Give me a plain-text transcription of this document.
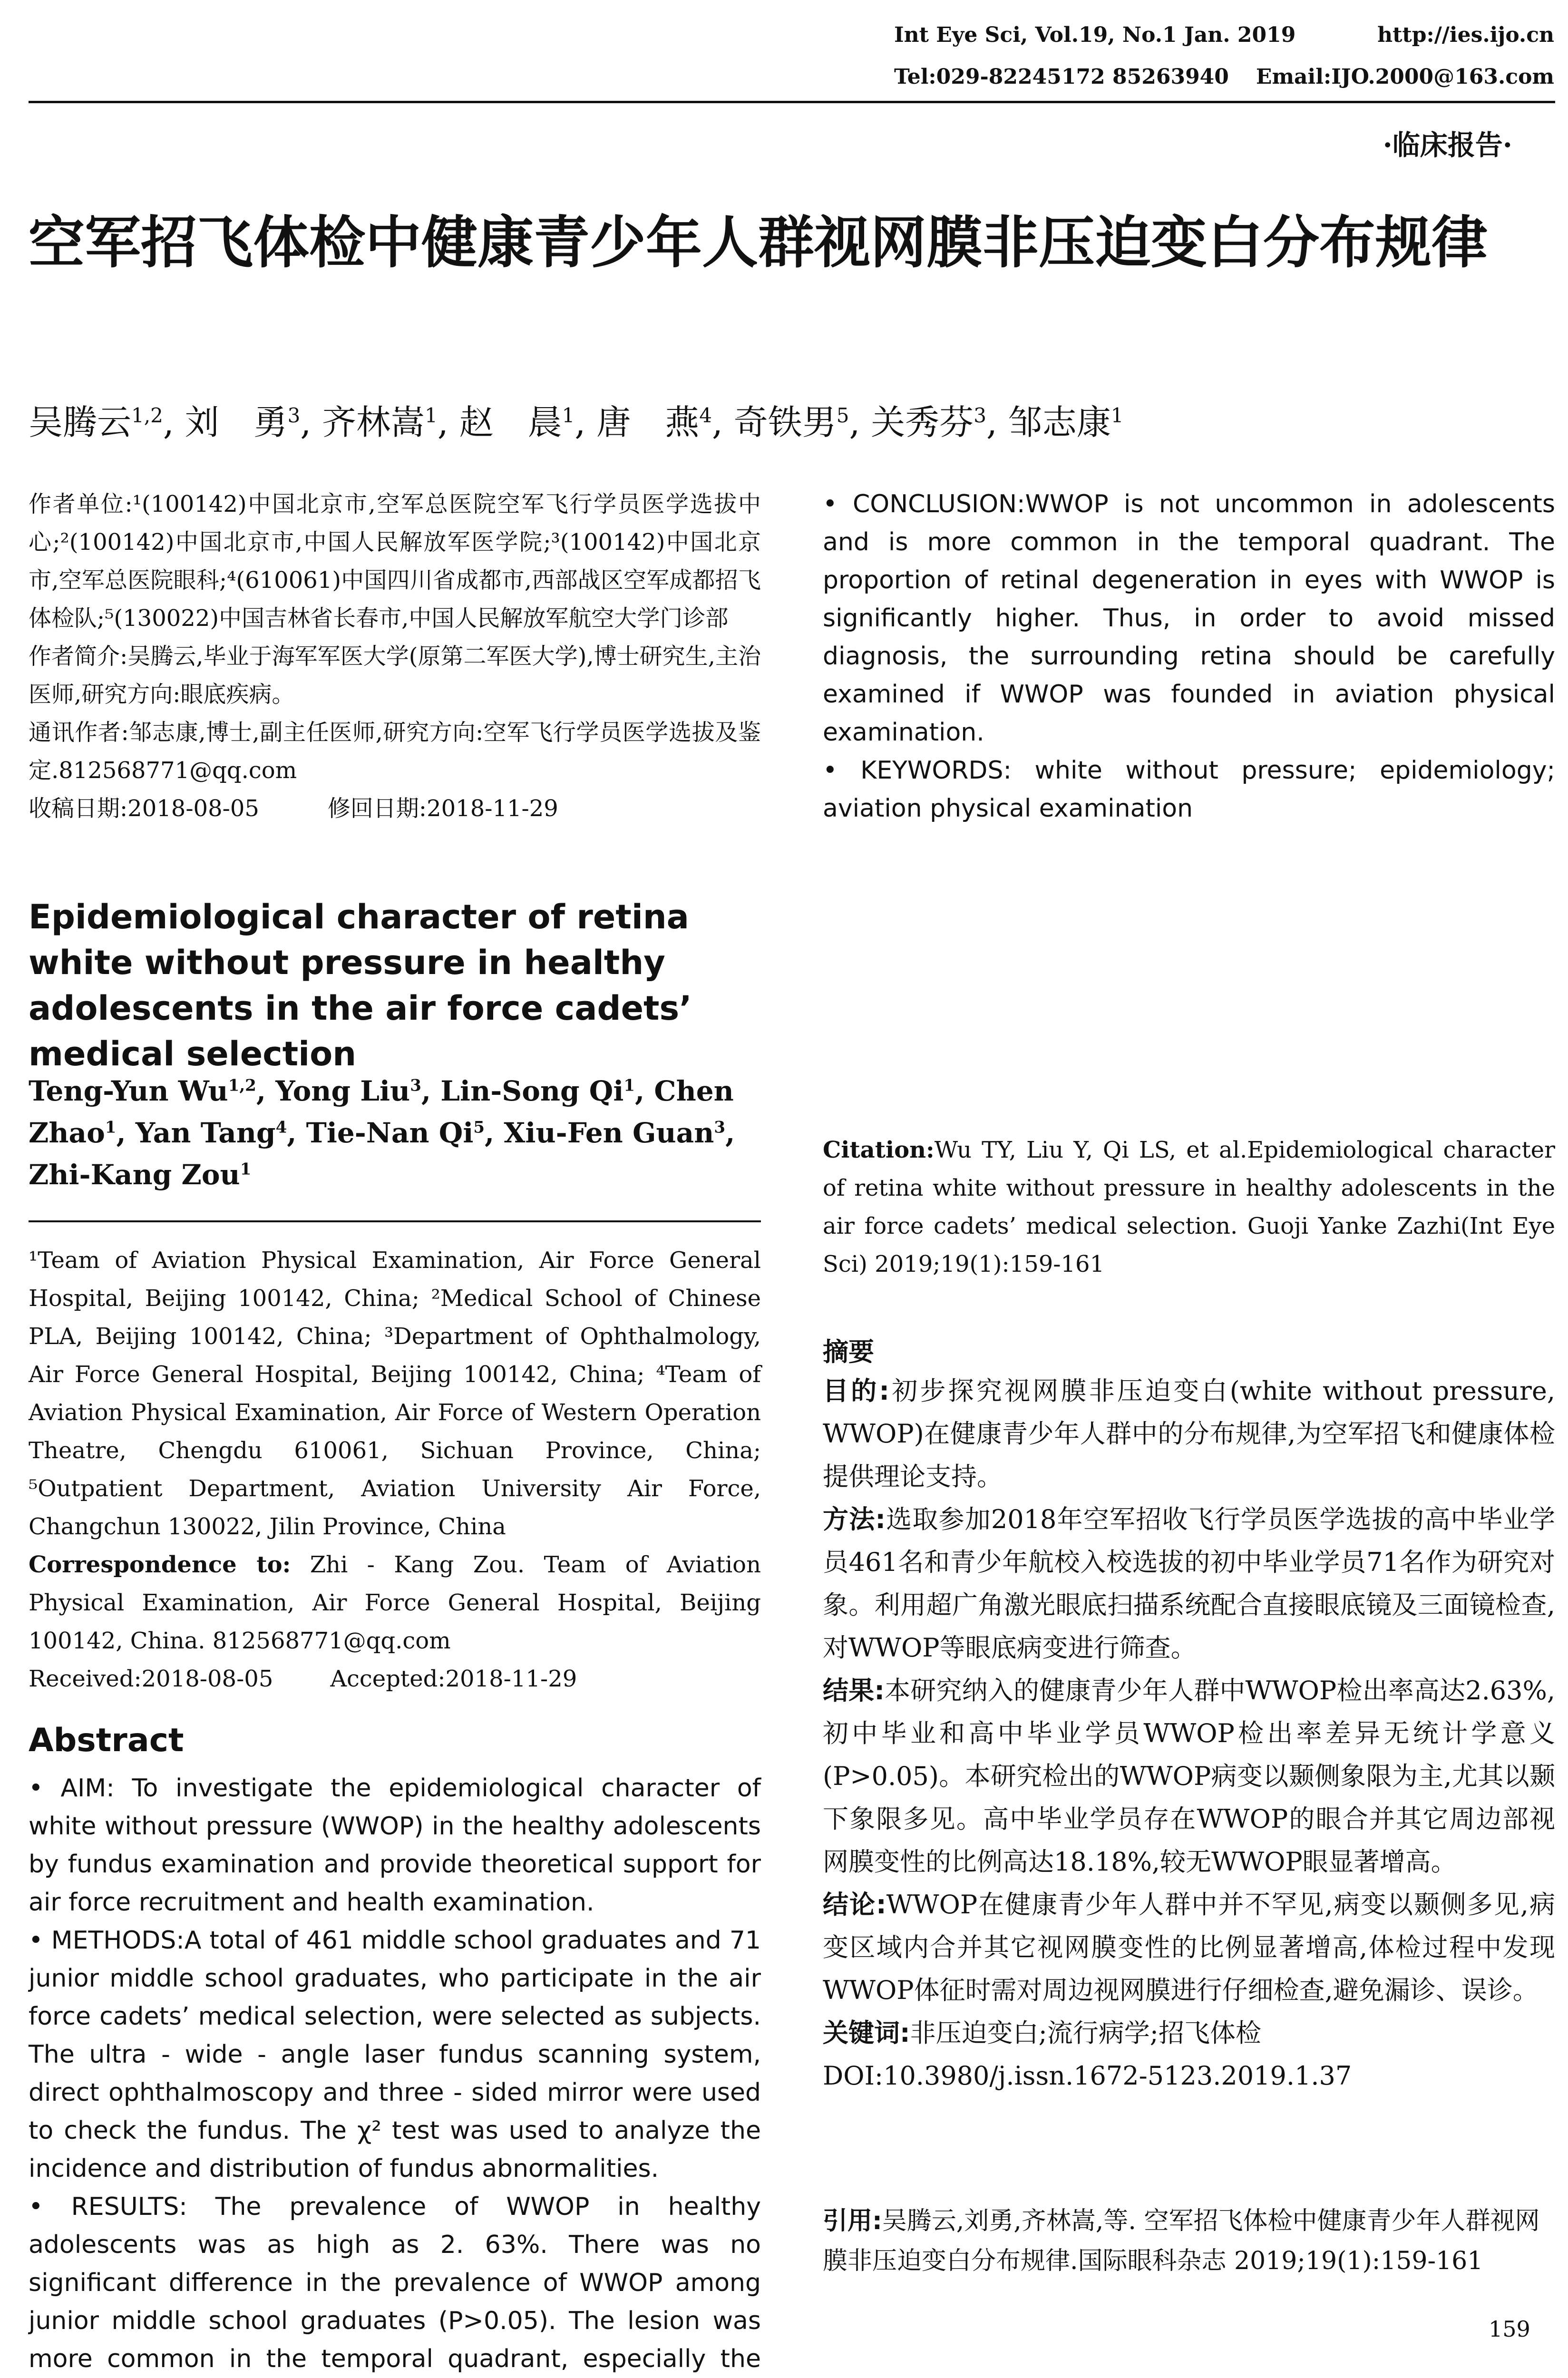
Int Eye Sci, Vol.19, No.1 Jan. 2019	http://ies.ijo.cn
Tel:029-82245172 85263940 Email:IJO.2000@163.com
·临床报告·
空军招飞体检中健康青少年人群视网膜非压迫变白分布规律
吴腾云$^{1,2}$, 刘　勇$^3$, 齐林嵩$^1$, 赵　晨$^1$, 唐　燕$^4$, 奇铁男$^5$, 关秀芬$^3$, 邹志康$^1$

作者单位:¹(100142)中国北京市,空军总医院空军飞行学员医学选拔中心;²(100142)中国北京市,中国人民解放军医学院;³(100142)中国北京市,空军总医院眼科;⁴(610061)中国四川省成都市,西部战区空军成都招飞体检队;⁵(130022)中国吉林省长春市,中国人民解放军航空大学门诊部

作者简介:吴腾云,毕业于海军军医大学(原第二军医大学),博士研究生,主治医师,研究方向:眼底疾病。

通讯作者:邹志康,博士,副主任医师,研究方向:空军飞行学员医学选拔及鉴定.812568771@qq.com

收稿日期:2018-08-05　　　修回日期:2018-11-29

Epidemiological character of retina white without pressure in healthy adolescents in the air force cadets’ medical selection
Teng-Yun Wu$^{1,2}$, Yong Liu$^3$, Lin-Song Qi$^1$, Chen Zhao$^1$, Yan Tang$^4$, Tie-Nan Qi$^5$, Xiu-Fen Guan$^3$, Zhi-Kang Zou$^1$

¹Team of Aviation Physical Examination, Air Force General Hospital, Beijing 100142, China; ²Medical School of Chinese PLA, Beijing 100142, China; ³Department of Ophthalmology, Air Force General Hospital, Beijing 100142, China; ⁴Team of Aviation Physical Examination, Air Force of Western Operation Theatre, Chengdu 610061, Sichuan Province, China; ⁵Outpatient Department, Aviation University Air Force, Changchun 130022, Jilin Province, China

Correspondence to: Zhi - Kang Zou. Team of Aviation Physical Examination, Air Force General Hospital, Beijing 100142, China. 812568771@qq.com

Received:2018-08-05	Accepted:2018-11-29

Abstract

• AIM: To investigate the epidemiological character of white without pressure (WWOP) in the healthy adolescents by fundus examination and provide theoretical support for air force recruitment and health examination.

• METHODS:A total of 461 middle school graduates and 71 junior middle school graduates, who participate in the air force cadets’ medical selection, were selected as subjects. The ultra - wide - angle laser fundus scanning system, direct ophthalmoscopy and three - sided mirror were used to check the fundus. The χ² test was used to analyze the incidence and distribution of fundus abnormalities.

• RESULTS: The prevalence of WWOP in healthy adolescents was as high as 2. 63%. There was no significant difference in the prevalence of WWOP among junior middle school graduates (P>0.05). The lesion was more common in the temporal quadrant, especially the

• CONCLUSION:WWOP is not uncommon in adolescents and is more common in the temporal quadrant. The proportion of retinal degeneration in eyes with WWOP is significantly higher. Thus, in order to avoid missed diagnosis, the surrounding retina should be carefully examined if WWOP was founded in aviation physical examination.

• KEYWORDS: white without pressure; epidemiology; aviation physical examination

Citation:Wu TY, Liu Y, Qi LS, et al.Epidemiological character of retina white without pressure in healthy adolescents in the air force cadets’ medical selection. Guoji Yanke Zazhi(Int Eye Sci) 2019;19(1):159-161

摘要

目的:初步探究视网膜非压迫变白(white without pressure, WWOP)在健康青少年人群中的分布规律,为空军招飞和健康体检提供理论支持。

方法:选取参加2018年空军招收飞行学员医学选拔的高中毕业学员461名和青少年航校入校选拔的初中毕业学员71名作为研究对象。利用超广角激光眼底扫描系统配合直接眼底镜及三面镜检查,对WWOP等眼底病变进行筛查。

结果:本研究纳入的健康青少年人群中WWOP检出率高达2.63%,初中毕业和高中毕业学员WWOP检出率差异无统计学意义(P>0.05)。本研究检出的WWOP病变以颞侧象限为主,尤其以颞下象限多见。高中毕业学员存在WWOP的眼合并其它周边部视网膜变性的比例高达18.18%,较无WWOP眼显著增高。

结论:WWOP在健康青少年人群中并不罕见,病变以颞侧多见,病变区域内合并其它视网膜变性的比例显著增高,体检过程中发现WWOP体征时需对周边视网膜进行仔细检查,避免漏诊、误诊。

关键词:非压迫变白;流行病学;招飞体检

DOI:10.3980/j.issn.1672-5123.2019.1.37

引用:吴腾云,刘勇,齐林嵩,等. 空军招飞体检中健康青少年人群视网膜非压迫变白分布规律.国际眼科杂志 2019;19(1):159-161
159
